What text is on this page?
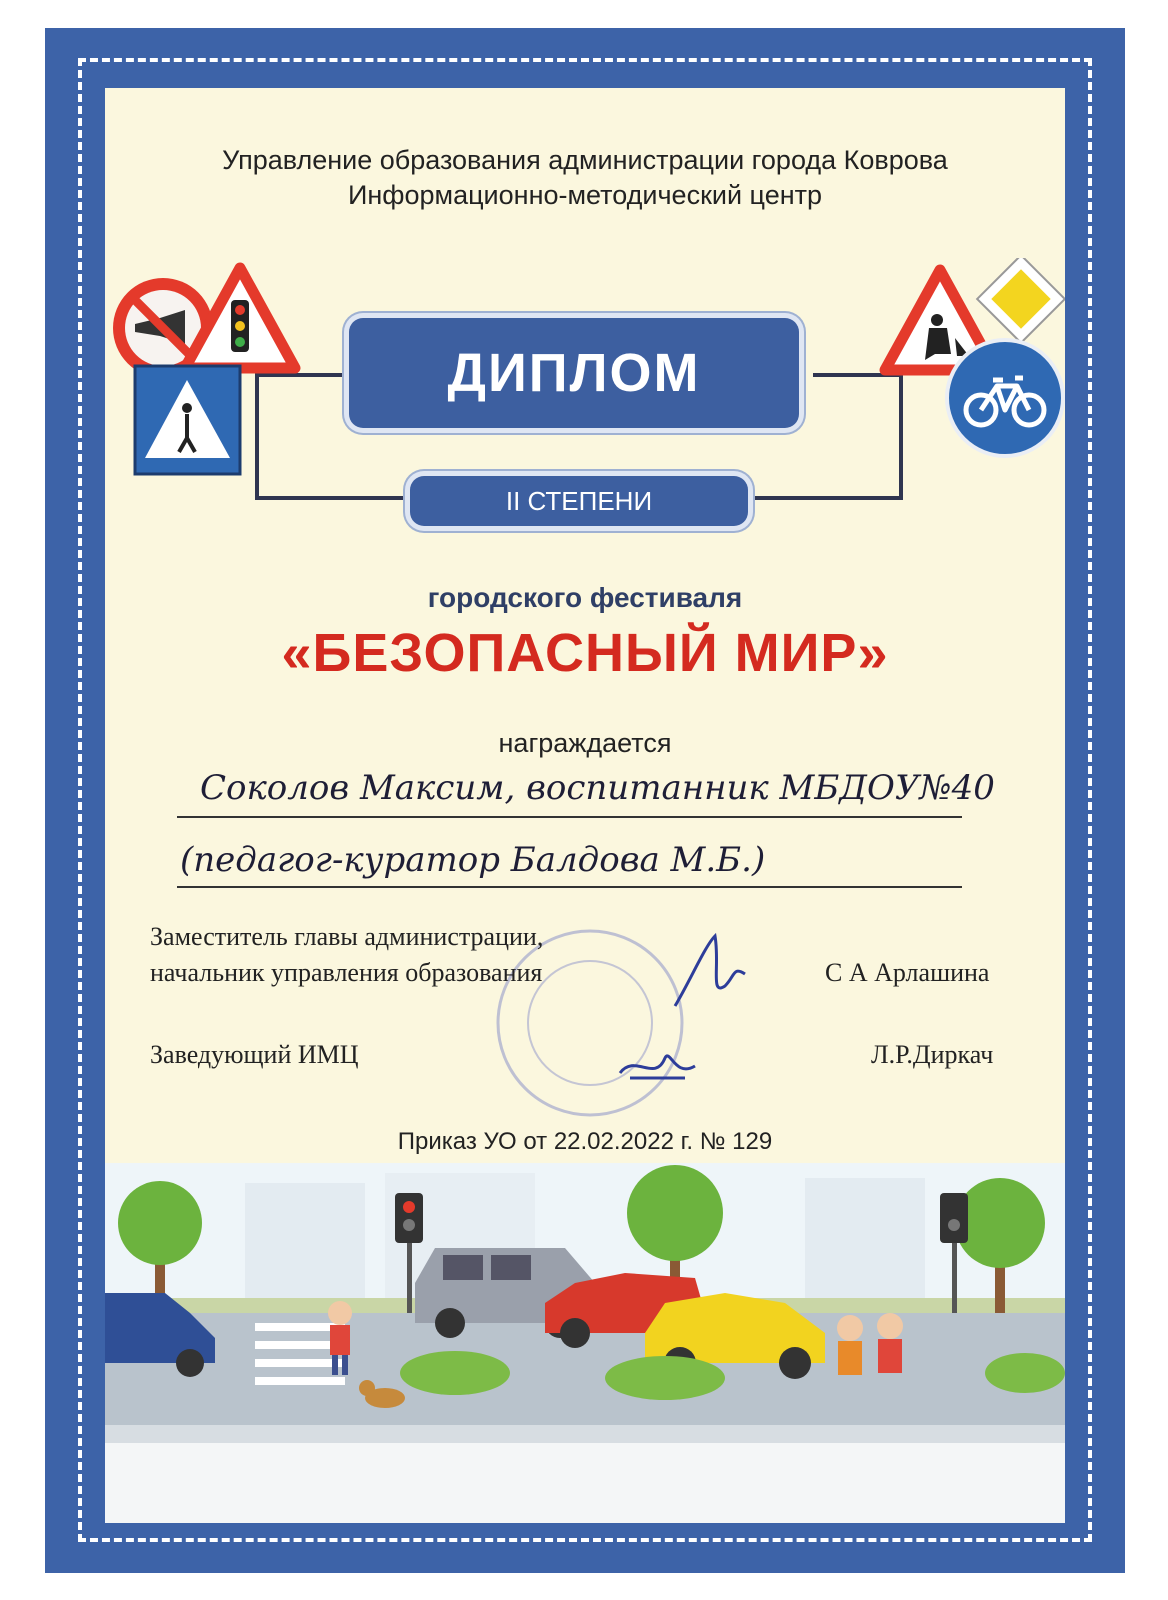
Управление образования администрации города Коврова
Информационно-методический центр
ДИПЛОМ
II СТЕПЕНИ
городского фестиваля
«БЕЗОПАСНЫЙ МИР»
награждается
Соколов Максим, воспитанник МБДОУ№40
(педагог-куратор Балдова М.Б.)
Заместитель главы администрации,
начальник управления образования	С А Арлашина
Заведующий ИМЦ	Л.Р.Диркач
Приказ УО от 22.02.2022 г. № 129
